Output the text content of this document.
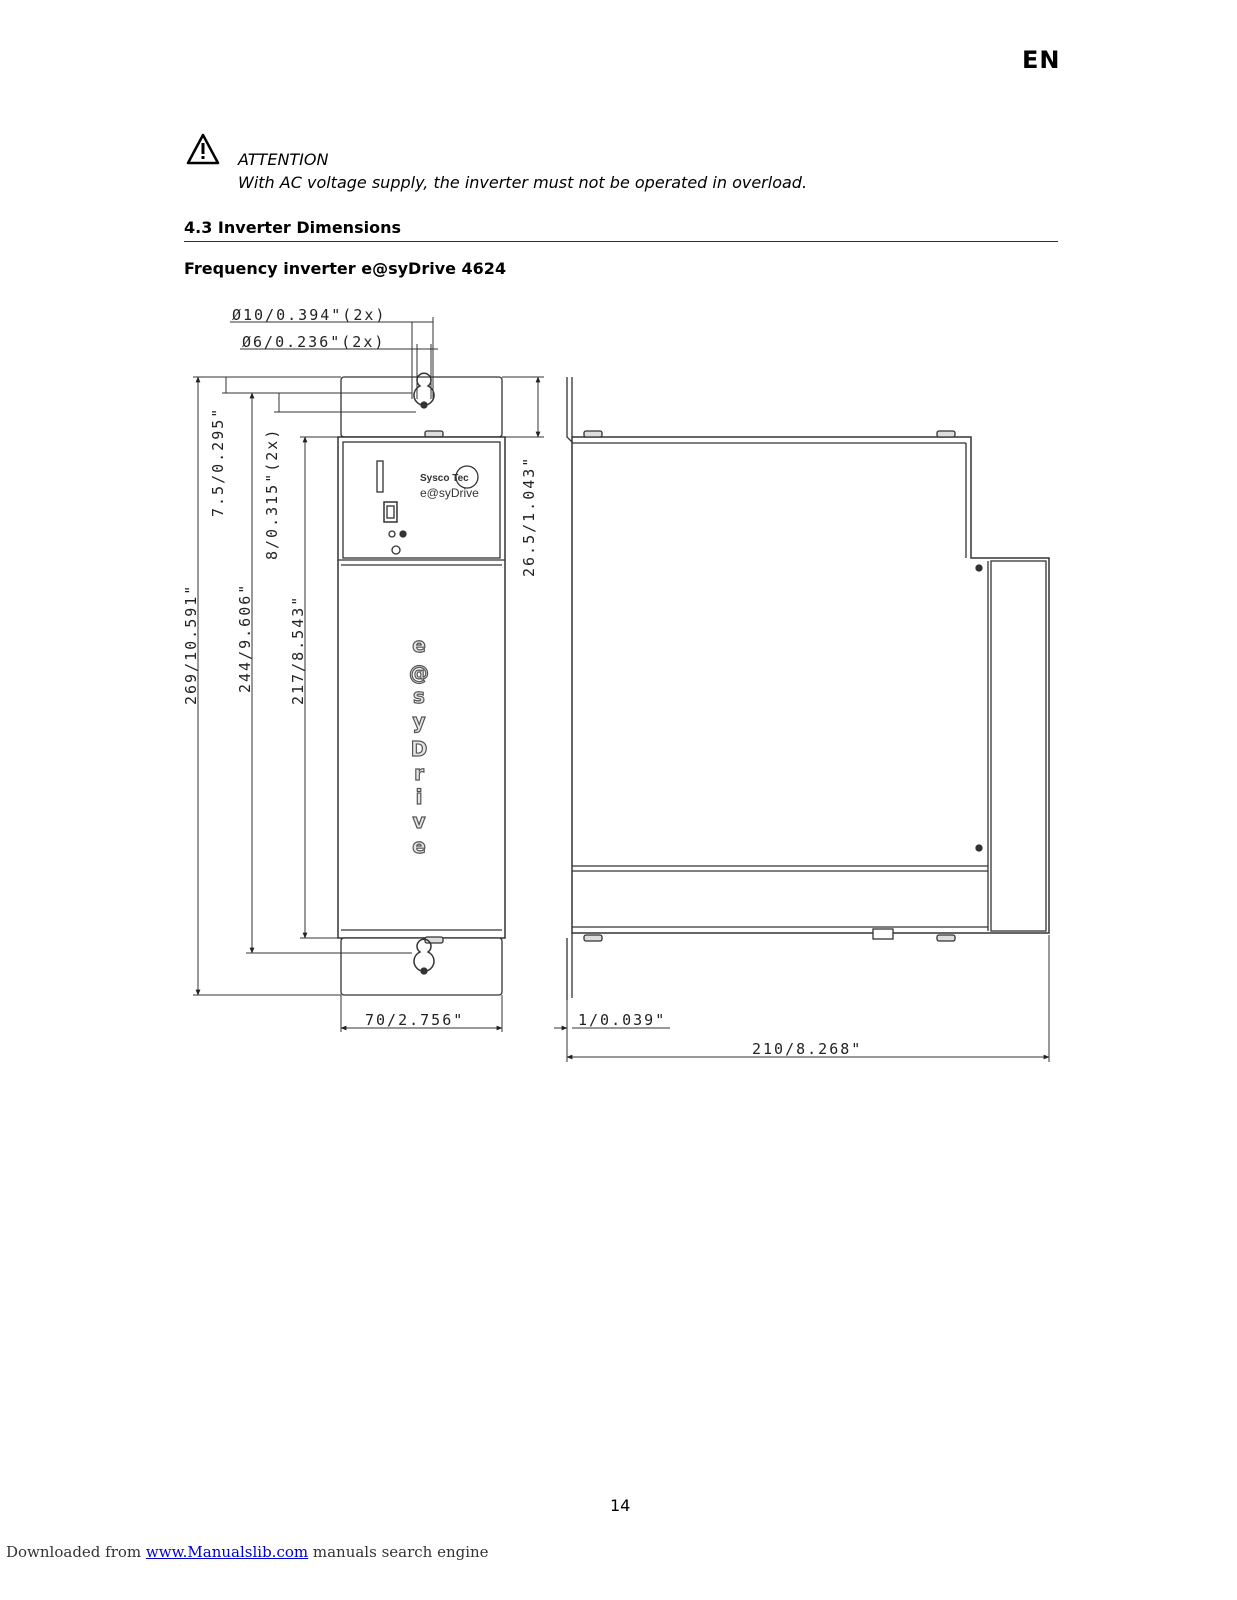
EN
ATTENTION
With AC voltage supply, the inverter must not be operated in overload.
4.3 Inverter Dimensions
Frequency inverter e@syDrive 4624
Sysco Tec
e@syDrive
e
@
s
y
D
r
i
v
e
Ø10/0.394"(2x)
Ø6/0.236"(2x)
269/10.591"
7.5/0.295"
244/9.606"
8/0.315"(2x)
217/8.543"
26.5/1.043"
70/2.756"	1/0.039"
210/8.268"
14
Downloaded from www.Manualslib.com manuals search engine
